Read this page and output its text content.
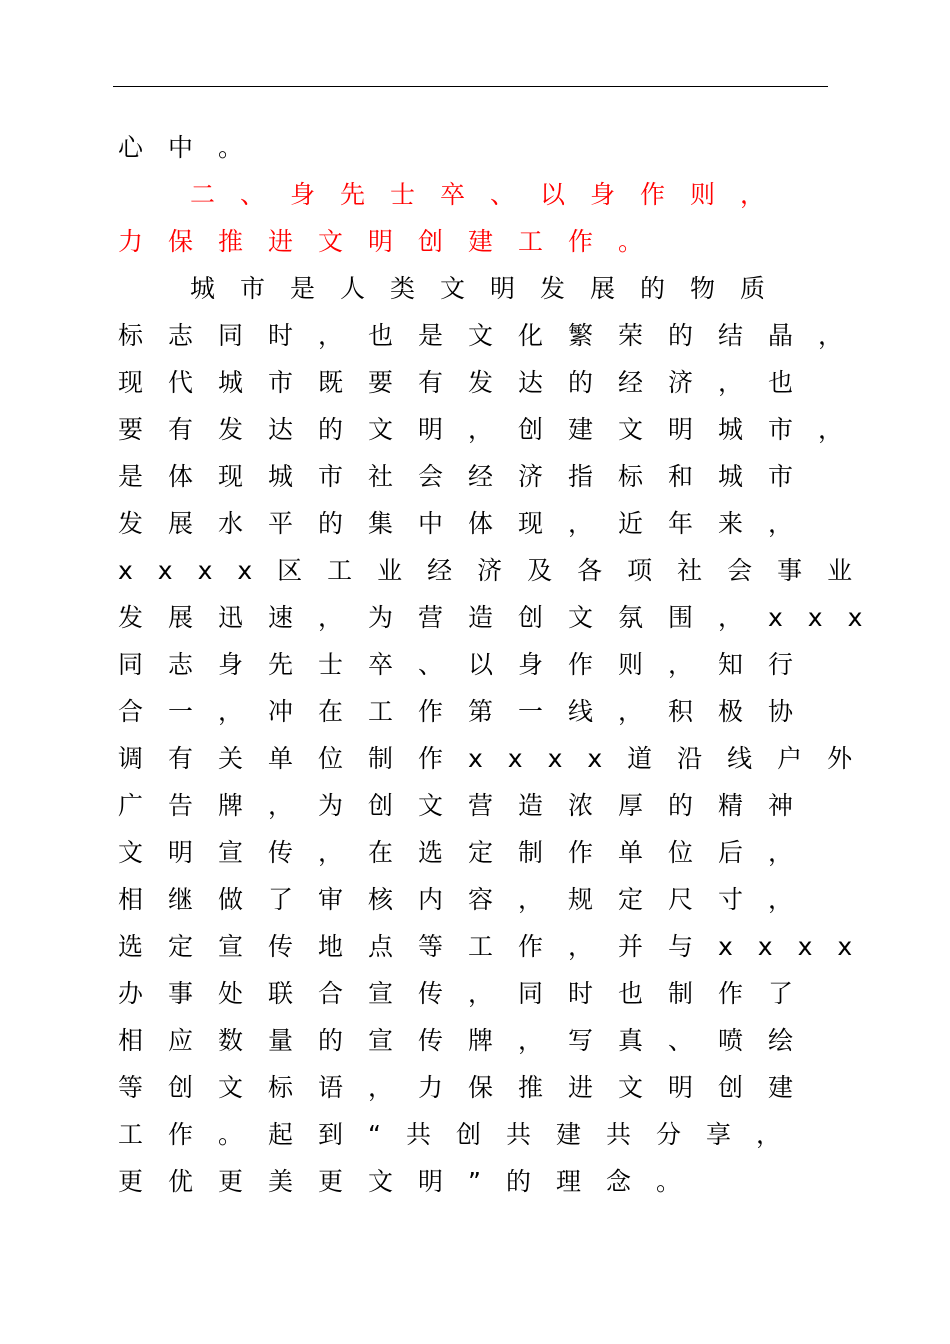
心中。
二、身先士卒、以身作则，
力保推进文明创建工作。
城市是人类文明发展的物质
标志同时，也是文化繁荣的结晶，
现代城市既要有发达的经济，也
要有发达的文明，创建文明城市，
是体现城市社会经济指标和城市
发展水平的集中体现，近年来，
xxxx区工业经济及各项社会事业
发展迅速，为营造创文氛围，xxx
同志身先士卒、以身作则，知行
合一，冲在工作第一线，积极协
调有关单位制作xxxx道沿线户外
广告牌，为创文营造浓厚的精神
文明宣传，在选定制作单位后，
相继做了审核内容，规定尺寸，
选定宣传地点等工作，并与xxxx
办事处联合宣传，同时也制作了
相应数量的宣传牌，写真、喷绘
等创文标语，力保推进文明创建
工作。起到“共创共建共分享，
更优更美更文明”的理念。
